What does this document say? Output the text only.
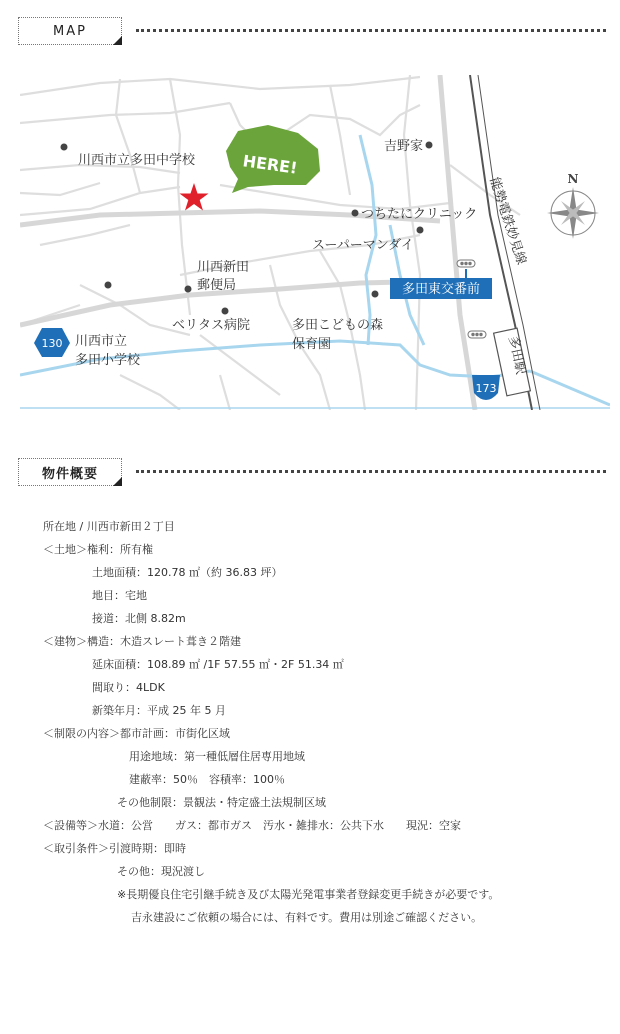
MAP
能勢電鉄妙見線
多田駅
N
HERE!
川西市立多田中学校
吉野家
つちたにクリニック
スーパーマンダイ
川西新田
郵便局
ベリタス病院	多田こどもの森
保育園
川西市立
多田小学校
多田東交番前
130
173
物件概要
所在地 / 川西市新田２丁目
＜土地＞権利：所有権
土地面積：120.78 ㎡（約 36.83 坪）
地目：宅地
接道：北側 8.82m
＜建物＞構造：木造スレート葺き２階建
延床面積：108.89 ㎡ /1F 57.55 ㎡・2F 51.34 ㎡
間取り：4LDK
新築年月：平成 25 年 5 月
＜制限の内容＞都市計画：市街化区域
用途地域：第一種低層住居専用地域
建蔽率：50％　容積率：100％
その他制限：景観法・特定盛土法規制区域
＜設備等＞水道：公営　　ガス：都市ガス　汚水・雑排水：公共下水　　現況：空家
＜取引条件＞引渡時期：即時
その他：現況渡し
※長期優良住宅引継手続き及び太陽光発電事業者登録変更手続きが必要です。
吉永建設にご依頼の場合には、有料です。費用は別途ご確認ください。
